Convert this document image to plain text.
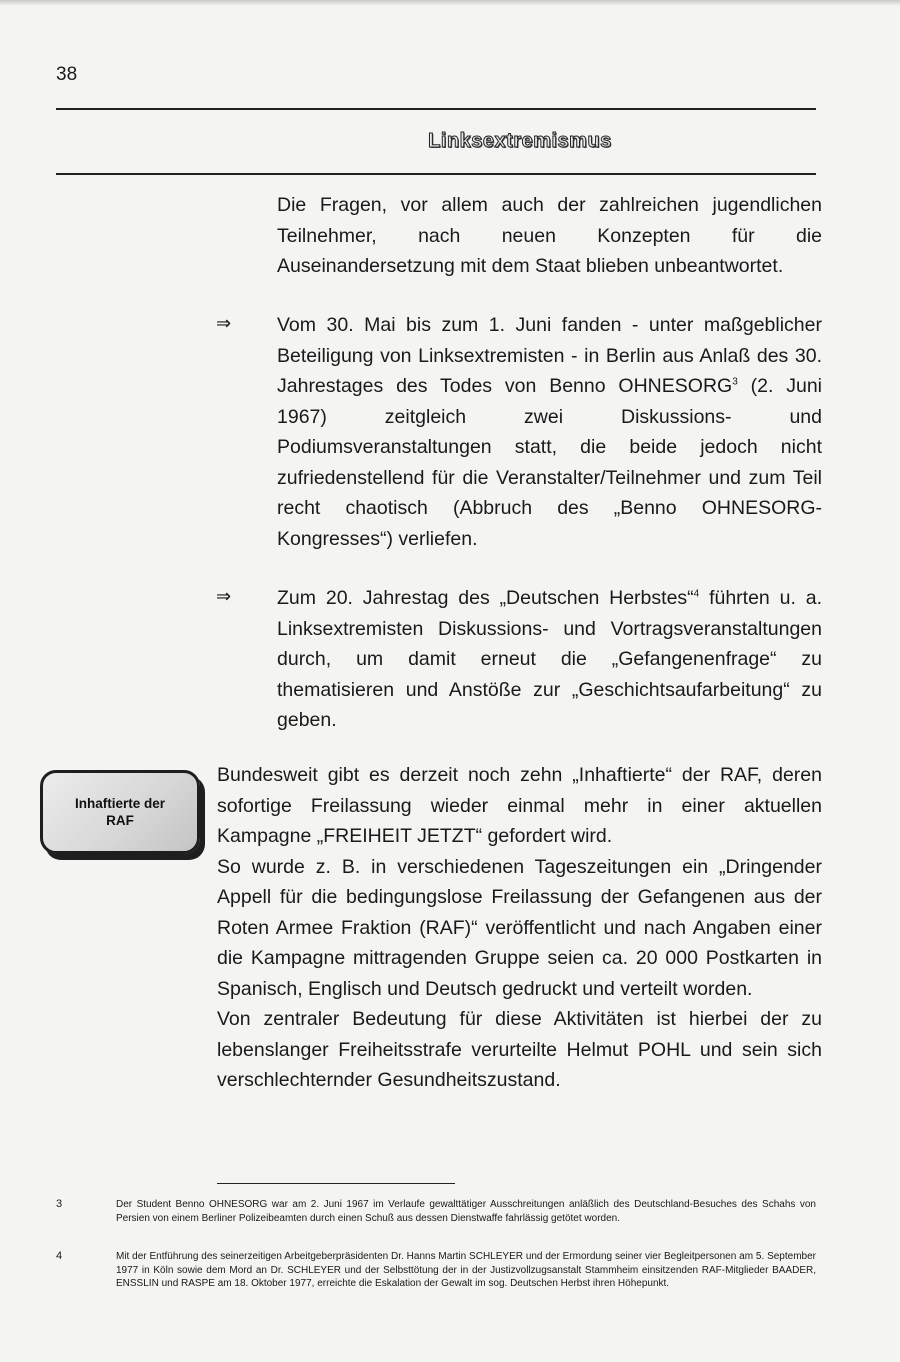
38
Linksextremismus

Die Fragen, vor allem auch der zahlreichen jugendlichen Teilnehmer, nach neuen Konzepten für die Auseinandersetzung mit dem Staat blieben unbeantwortet.

⇒ Vom 30. Mai bis zum 1. Juni fanden - unter maßgeblicher Beteiligung von Linksextremisten - in Berlin aus Anlaß des 30. Jahrestages des Todes von Benno OHNESORG$^3$ (2. Juni 1967) zeitgleich zwei Diskussions- und Podiumsveranstaltungen statt, die beide jedoch nicht zufriedenstellend für die Veranstalter/Teilnehmer und zum Teil recht chaotisch (Abbruch des „Benno OHNESORG-Kongresses“) verliefen.

⇒ Zum 20. Jahrestag des „Deutschen Herbstes“$^4$ führten u. a. Linksextremisten Diskussions- und Vortragsveranstaltungen durch, um damit erneut die „Gefangenenfrage“ zu thematisieren und Anstöße zur „Geschichtsaufarbeitung“ zu geben.

Inhaftierte der RAF

Bundesweit gibt es derzeit noch zehn „Inhaftierte“ der RAF, deren sofortige Freilassung wieder einmal mehr in einer aktuellen Kampagne „FREIHEIT JETZT“ gefordert wird.

So wurde z. B. in verschiedenen Tageszeitungen ein „Dringender Appell für die bedingungslose Freilassung der Gefangenen aus der Roten Armee Fraktion (RAF)“ veröffentlicht und nach Angaben einer die Kampagne mittragenden Gruppe seien ca. 20 000 Postkarten in Spanisch, Englisch und Deutsch gedruckt und verteilt worden.

Von zentraler Bedeutung für diese Aktivitäten ist hierbei der zu lebenslanger Freiheitsstrafe verurteilte Helmut POHL und sein sich verschlechternder Gesundheitszustand.

3	Der Student Benno OHNESORG war am 2. Juni 1967 im Verlaufe gewalttätiger Ausschreitungen anläßlich des Deutschland-Besuches des Schahs von Persien von einem Berliner Polizeibeamten durch einen Schuß aus dessen Dienstwaffe fahrlässig getötet worden.
4	Mit der Entführung des seinerzeitigen Arbeitgeberpräsidenten Dr. Hanns Martin SCHLEYER und der Ermordung seiner vier Begleitpersonen am 5. September 1977 in Köln sowie dem Mord an Dr. SCHLEYER und der Selbsttötung der in der Justizvollzugsanstalt Stammheim einsitzenden RAF-Mitglieder BAADER, ENSSLIN und RASPE am 18. Oktober 1977, erreichte die Eskalation der Gewalt im sog. Deutschen Herbst ihren Höhepunkt.
